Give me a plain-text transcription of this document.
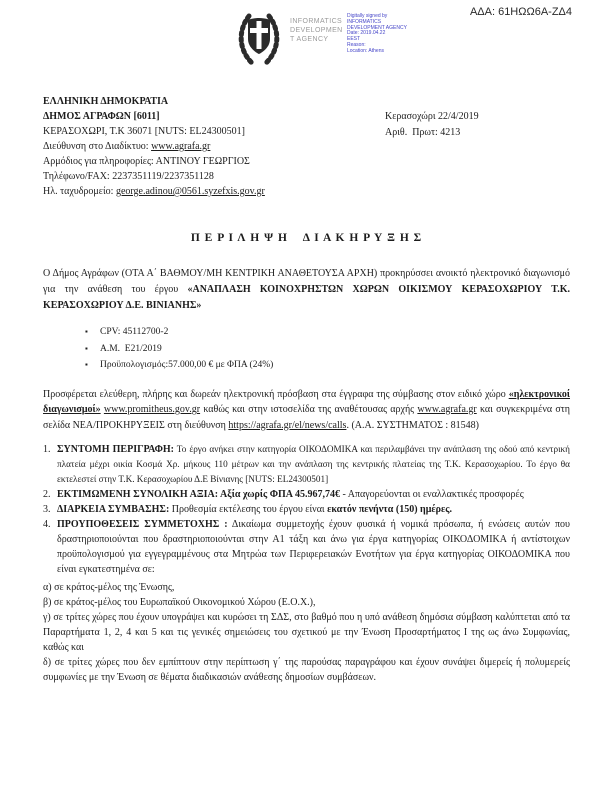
ΑΔΑ: 61ΗΩΩ6Α-ΖΔ4
INFORMATICS
DEVELOPMEN
T AGENCY
Digitally signed by
INFORMATICS
DEVELOPMENT AGENCY
Date: 2019.04.22
EEST
Reason:
Location: Athens
ΕΛΛΗΝΙΚΗ ΔΗΜΟΚΡΑΤΙΑ
ΔΗΜΟΣ ΑΓΡΑΦΩΝ [6011]
ΚΕΡΑΣΟΧΩΡΙ, Τ.Κ 36071 [NUTS: EL24300501]
Διεύθυνση στο Διαδίκτυο: www.agrafa.gr
Αρμόδιος για πληροφορίες: ΑΝΤΙΝΟΥ ΓΕΩΡΓΙΟΣ
Τηλέφωνο/FAX: 2237351119/2237351128
Ηλ. ταχυδρομείο: george.adinou@0561.syzefxis.gov.gr
Κερασοχώρι 22/4/2019
Αριθ.  Πρωτ: 4213
Π Ε Ρ Ι Λ Η Ψ Η    Δ Ι Α Κ Η Ρ Υ Ξ Η Σ

Ο Δήμος Αγράφων (ΟΤΑ Α΄ ΒΑΘΜΟΥ/ΜΗ ΚΕΝΤΡΙΚΗ ΑΝΑΘΕΤΟΥΣΑ ΑΡΧΗ) προκηρύσσει ανοικτό ηλεκτρονικό διαγωνισμό για την ανάθεση του έργου «ΑΝΑΠΛΑΣΗ ΚΟΙΝΟΧΡΗΣΤΩΝ ΧΩΡΩΝ ΟΙΚΙΣΜΟΥ ΚΕΡΑΣΟΧΩΡΙΟΥ Τ.Κ. ΚΕΡΑΣΟΧΩΡΙΟΥ Δ.Ε. ΒΙΝΙΑΝΗΣ»

▪ CPV: 45112700-2
▪ Α.Μ.  Ε21/2019
▪ Προϋπολογισμός:57.000,00 € με ΦΠΑ (24%)

Προσφέρεται ελεύθερη, πλήρης και δωρεάν ηλεκτρονική πρόσβαση στα έγγραφα της σύμβασης στον ειδικό χώρο «ηλεκτρονικοί διαγωνισμοί» www.promitheus.gov.gr καθώς και στην ιστοσελίδα της αναθέτουσας αρχής www.agrafa.gr και συγκεκριμένα στη σελίδα ΝΕΑ/ΠΡΟΚΗΡΥΞΕΙΣ στη διεύθυνση https://agrafa.gr/el/news/calls. (Α.Α. ΣΥΣΤΗΜΑΤΟΣ : 81548)

1. ΣΥΝΤΟΜΗ ΠΕΡΙΓΡΑΦΗ: Το έργο ανήκει στην κατηγορία ΟΙΚΟΔΟΜΙΚΑ και περιλαμβάνει την ανάπλαση της οδού από κεντρική πλατεία μέχρι οικία Κοσμά Χρ. μήκους 110 μέτρων και την ανάπλαση της κεντρικής πλατείας της Τ.Κ. Κερασοχωρίου. Το έργο θα εκτελεστεί στην Τ.Κ. Κερασοχωρίου Δ.Ε Βίνιανης [NUTS: EL24300501]
2. ΕΚΤΙΜΩΜΕΝΗ ΣΥΝΟΛΙΚΗ ΑΞΙΑ: Αξία χωρίς ΦΠΑ 45.967,74€ - Απαγορεύονται οι εναλλακτικές προσφορές
3. ΔΙΑΡΚΕΙΑ ΣΥΜΒΑΣΗΣ: Προθεσμία εκτέλεσης του έργου είναι εκατόν πενήντα (150) ημέρες.
4. ΠΡΟΥΠΟΘΕΣΕΙΣ ΣΥΜΜΕΤΟΧΗΣ : Δικαίωμα συμμετοχής έχουν φυσικά ή νομικά πρόσωπα, ή ενώσεις αυτών που δραστηριοποιούνται που δραστηριοποιούνται στην Α1 τάξη και άνω για έργα κατηγορίας ΟΙΚΟΔΟΜΙΚΑ ή αντίστοιχων προϋπολογισμού για εγγεγραμμένους στα Μητρώα των Περιφερειακών Ενοτήτων για έργα κατηγορίας ΟΙΚΟΔΟΜΙΚΑ που είναι εγκατεστημένα σε:
α) σε κράτος-μέλος της Ένωσης,
β) σε κράτος-μέλος του Ευρωπαϊκού Οικονομικού Χώρου (Ε.Ο.Χ.),
γ) σε τρίτες χώρες που έχουν υπογράψει και κυρώσει τη ΣΔΣ, στο βαθμό που η υπό ανάθεση δημόσια σύμβαση καλύπτεται από τα Παραρτήματα 1, 2, 4 και 5 και τις γενικές σημειώσεις του σχετικού με την Ένωση Προσαρτήματος Ι της ως άνω Συμφωνίας, καθώς και
δ) σε τρίτες χώρες που δεν εμπίπτουν στην περίπτωση γ΄ της παρούσας παραγράφου και έχουν συνάψει διμερείς ή πολυμερείς συμφωνίες με την Ένωση σε θέματα διαδικασιών ανάθεσης δημοσίων συμβάσεων.
